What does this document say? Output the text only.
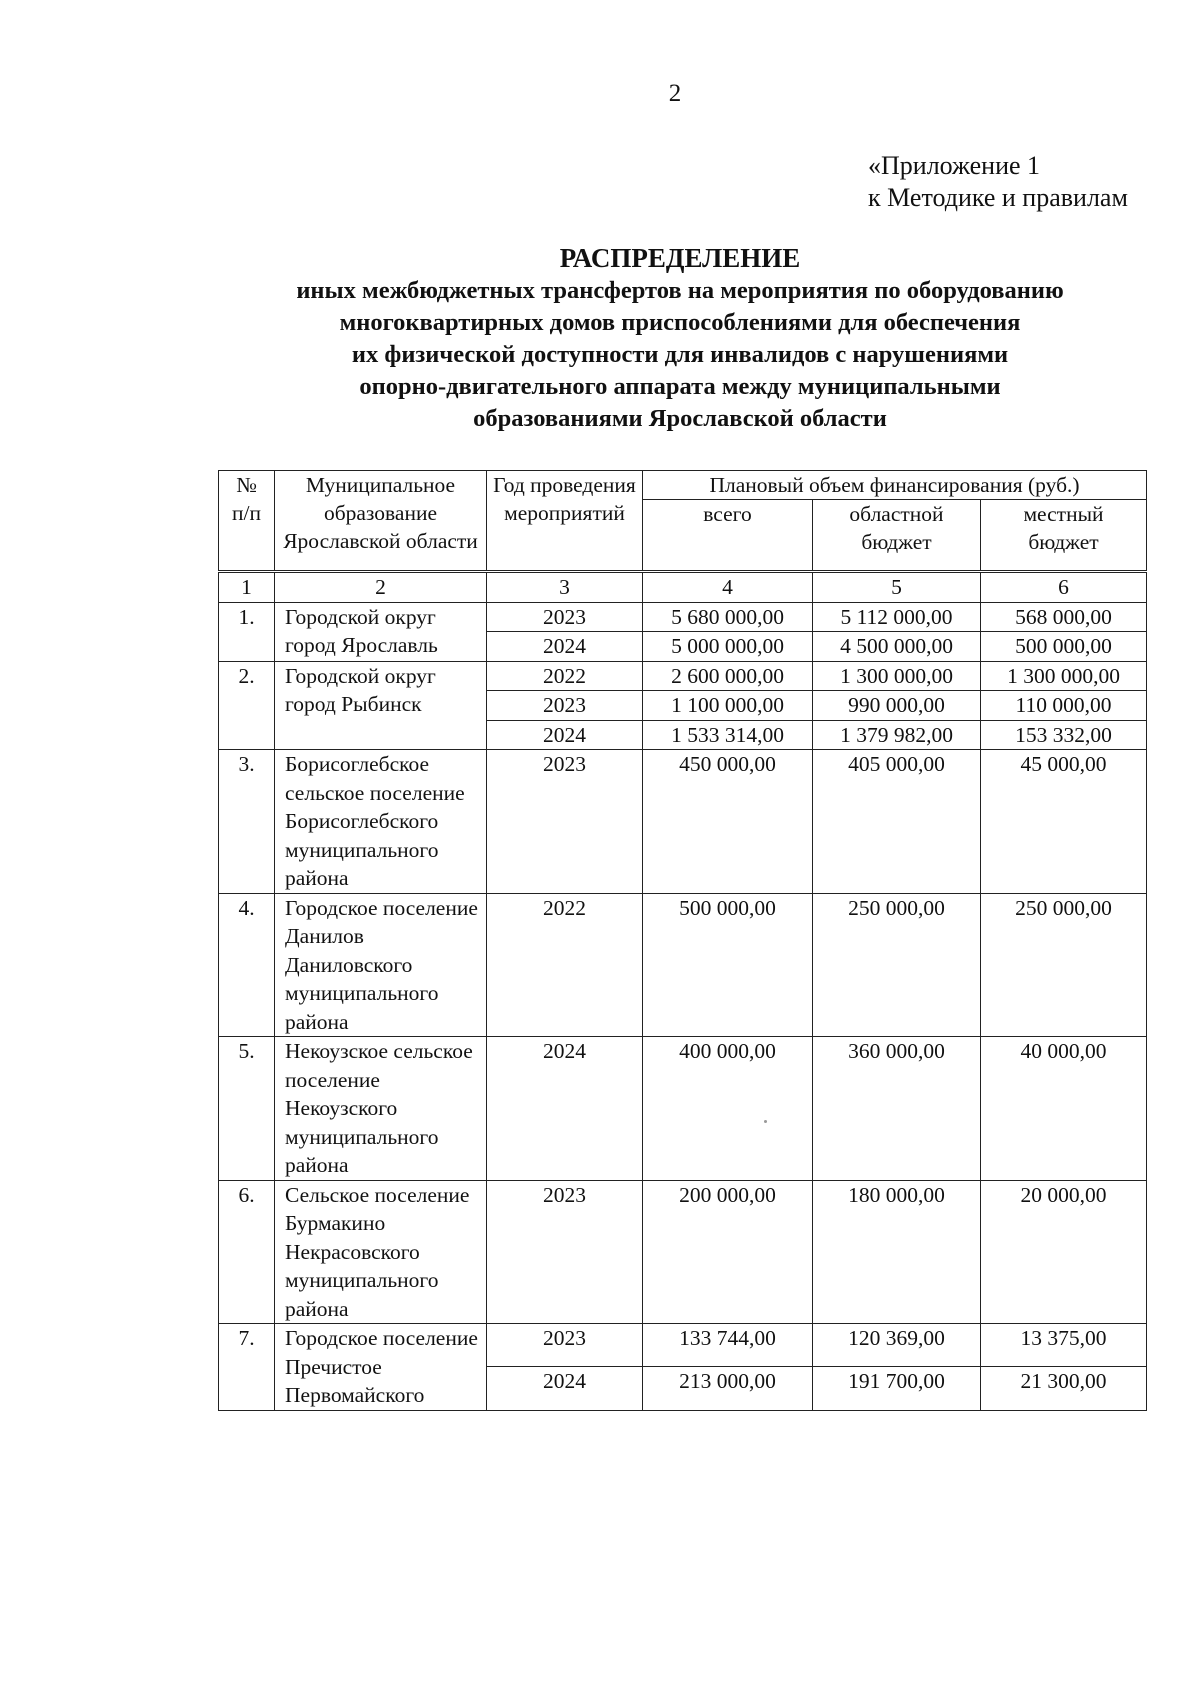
2
«Приложение 1
к Методике и правилам
РАСПРЕДЕЛЕНИЕ
иных межбюджетных трансфертов на мероприятия по оборудованию
многоквартирных домов приспособлениями для обеспечения
их физической доступности для инвалидов с нарушениями
опорно-двигательного аппарата между муниципальными
образованиями Ярославской области
№ п/п	Муниципальное образование Ярославской области	Год проведения мероприятий	Плановый объем финансирования (руб.)		
			всего	областной бюджет	местный бюджет
1	2	3	4	5	6
1.	Городской округ город Ярославль	2023	5 680 000,00	5 112 000,00	568 000,00
		2024	5 000 000,00	4 500 000,00	500 000,00
2.	Городской округ город Рыбинск	2022	2 600 000,00	1 300 000,00	1 300 000,00
		2023	1 100 000,00	990 000,00	110 000,00
		2024	1 533 314,00	1 379 982,00	153 332,00
3.	Борисоглебское сельское поселение Борисоглебского муниципального района	2023	450 000,00	405 000,00	45 000,00
4.	Городское поселение Данилов Даниловского муниципального района	2022	500 000,00	250 000,00	250 000,00
5.	Некоузское сельское поселение Некоузского муниципального района	2024	400 000,00	360 000,00	40 000,00
6.	Сельское поселение Бурмакино Некрасовского муниципального района	2023	200 000,00	180 000,00	20 000,00
7.	Городское поселение Пречистое Первомайского	2023	133 744,00	120 369,00	13 375,00
		2024	213 000,00	191 700,00	21 300,00
